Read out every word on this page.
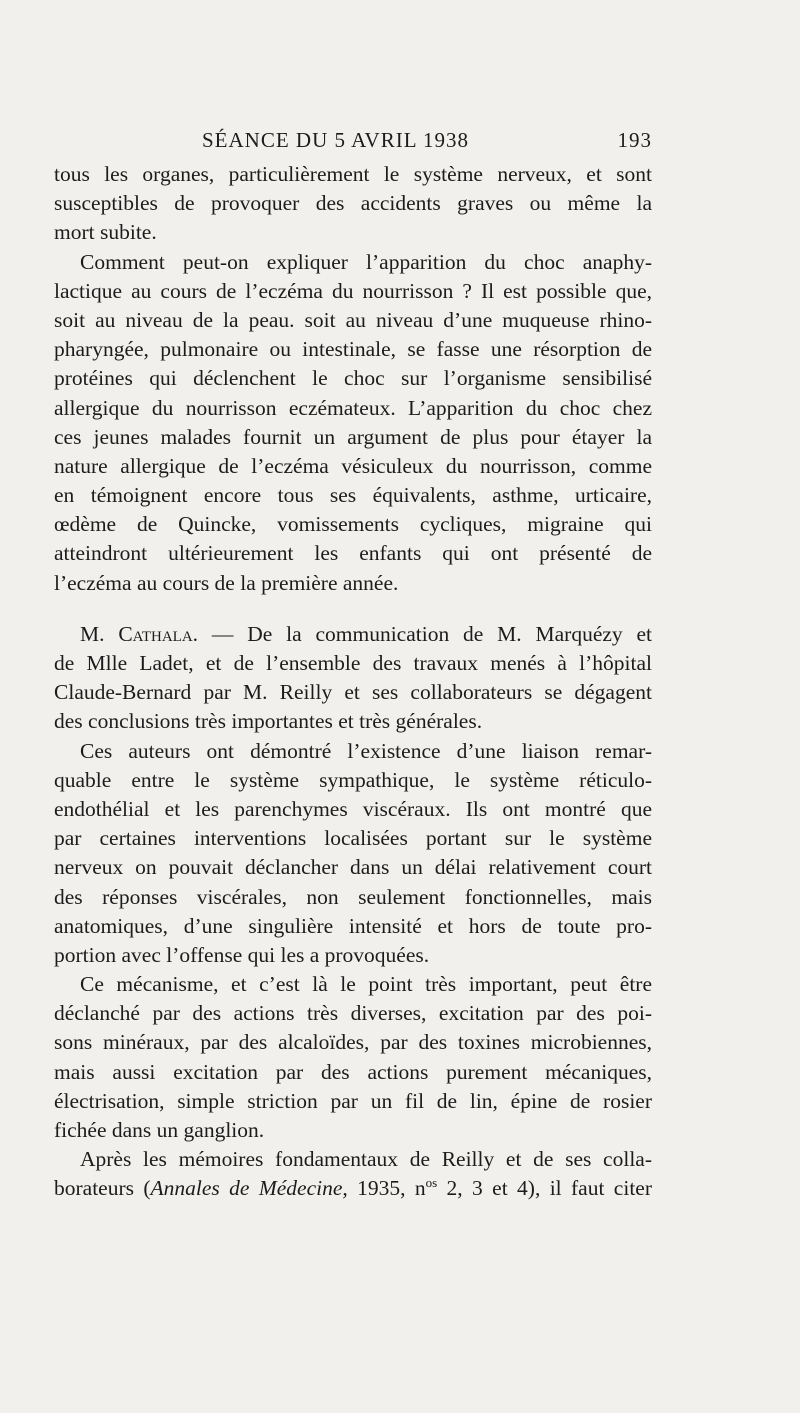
SÉANCE DU 5 AVRIL 1938	193
tous les organes, particulièrement le système nerveux, et sont
susceptibles de provoquer des accidents graves ou même la
mort subite.
Comment peut-on expliquer l’apparition du choc anaphy-
lactique au cours de l’eczéma du nourrisson ? Il est possible que,
soit au niveau de la peau. soit au niveau d’une muqueuse rhino-
pharyngée, pulmonaire ou intestinale, se fasse une résorption de
protéines qui déclenchent le choc sur l’organisme sensibilisé
allergique du nourrisson eczémateux. L’apparition du choc chez
ces jeunes malades fournit un argument de plus pour étayer la
nature allergique de l’eczéma vésiculeux du nourrisson, comme
en témoignent encore tous ses équivalents, asthme, urticaire,
œdème de Quincke, vomissements cycliques, migraine qui
atteindront ultérieurement les enfants qui ont présenté de
l’eczéma au cours de la première année.
M. Cathala. — De la communication de M. Marquézy et
de Mlle Ladet, et de l’ensemble des travaux menés à l’hôpital
Claude-Bernard par M. Reilly et ses collaborateurs se dégagent
des conclusions très importantes et très générales.
Ces auteurs ont démontré l’existence d’une liaison remar-
quable entre le système sympathique, le système réticulo-
endothélial et les parenchymes viscéraux. Ils ont montré que
par certaines interventions localisées portant sur le système
nerveux on pouvait déclancher dans un délai relativement court
des réponses viscérales, non seulement fonctionnelles, mais
anatomiques, d’une singulière intensité et hors de toute pro-
portion avec l’offense qui les a provoquées.
Ce mécanisme, et c’est là le point très important, peut être
déclanché par des actions très diverses, excitation par des poi-
sons minéraux, par des alcaloïdes, par des toxines microbiennes,
mais aussi excitation par des actions purement mécaniques,
électrisation, simple striction par un fil de lin, épine de rosier
fichée dans un ganglion.
Après les mémoires fondamentaux de Reilly et de ses colla-
borateurs (Annales de Médecine, 1935, $n^{os}$ 2, 3 et 4), il faut citer
